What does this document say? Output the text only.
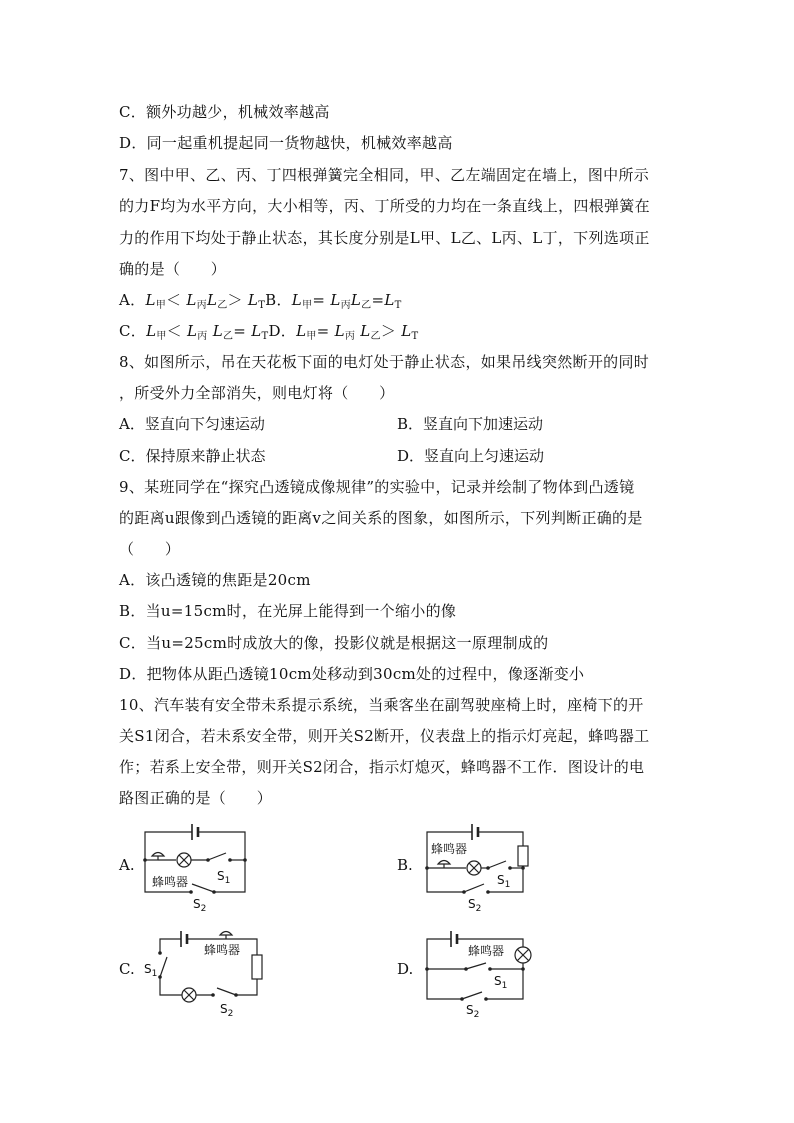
C．额外功越少，机械效率越高
D．同一起重机提起同一货物越快，机械效率越高
7、图中甲、乙、丙、丁四根弹簧完全相同，甲、乙左端固定在墙上，图中所示
的力F均为水平方向，大小相等，丙、丁所受的力均在一条直线上，四根弹簧在
力的作用下均处于静止状态，其长度分别是L甲、L乙、L丙、L丁，下列选项正
确的是（　　）
A．$L_甲< L_丙L_乙> L_TB$．$L_甲= L_丙L_乙=L_T$
C．$L_甲< L_丙$ $L_乙= L_TD$．$L_甲= L_丙$ $L_乙> L_T$
8、如图所示，吊在天花板下面的电灯处于静止状态，如果吊线突然断开的同时
，所受外力全部消失，则电灯将（　　）
A．竖直向下匀速运动	B．竖直向下加速运动
C．保持原来静止状态	D．竖直向上匀速运动
9、某班同学在“探究凸透镜成像规律”的实验中，记录并绘制了物体到凸透镜
的距离u跟像到凸透镜的距离v之间关系的图象，如图所示，下列判断正确的是
（　　）
A．该凸透镜的焦距是20cm
B．当u=15cm时，在光屏上能得到一个缩小的像
C．当u=25cm时成放大的像，投影仪就是根据这一原理制成的
D．把物体从距凸透镜10cm处移动到30cm处的过程中，像逐渐变小
10、汽车装有安全带未系提示系统，当乘客坐在副驾驶座椅上时，座椅下的开
关S1闭合，若未系安全带，则开关S2断开，仪表盘上的指示灯亮起，蜂鸣器工
作；若系上安全带，则开关S2闭合，指示灯熄灭，蜂鸣器不工作．图设计的电
路图正确的是（　　）
A.	B.
C.	D.
蜂鸣器 $S_1$
$S_2$
蜂鸣器
$S_1$
$S_2$
蜂鸣器
$S_1$
$S_2$
蜂鸣器
$S_1$
$S_2$
